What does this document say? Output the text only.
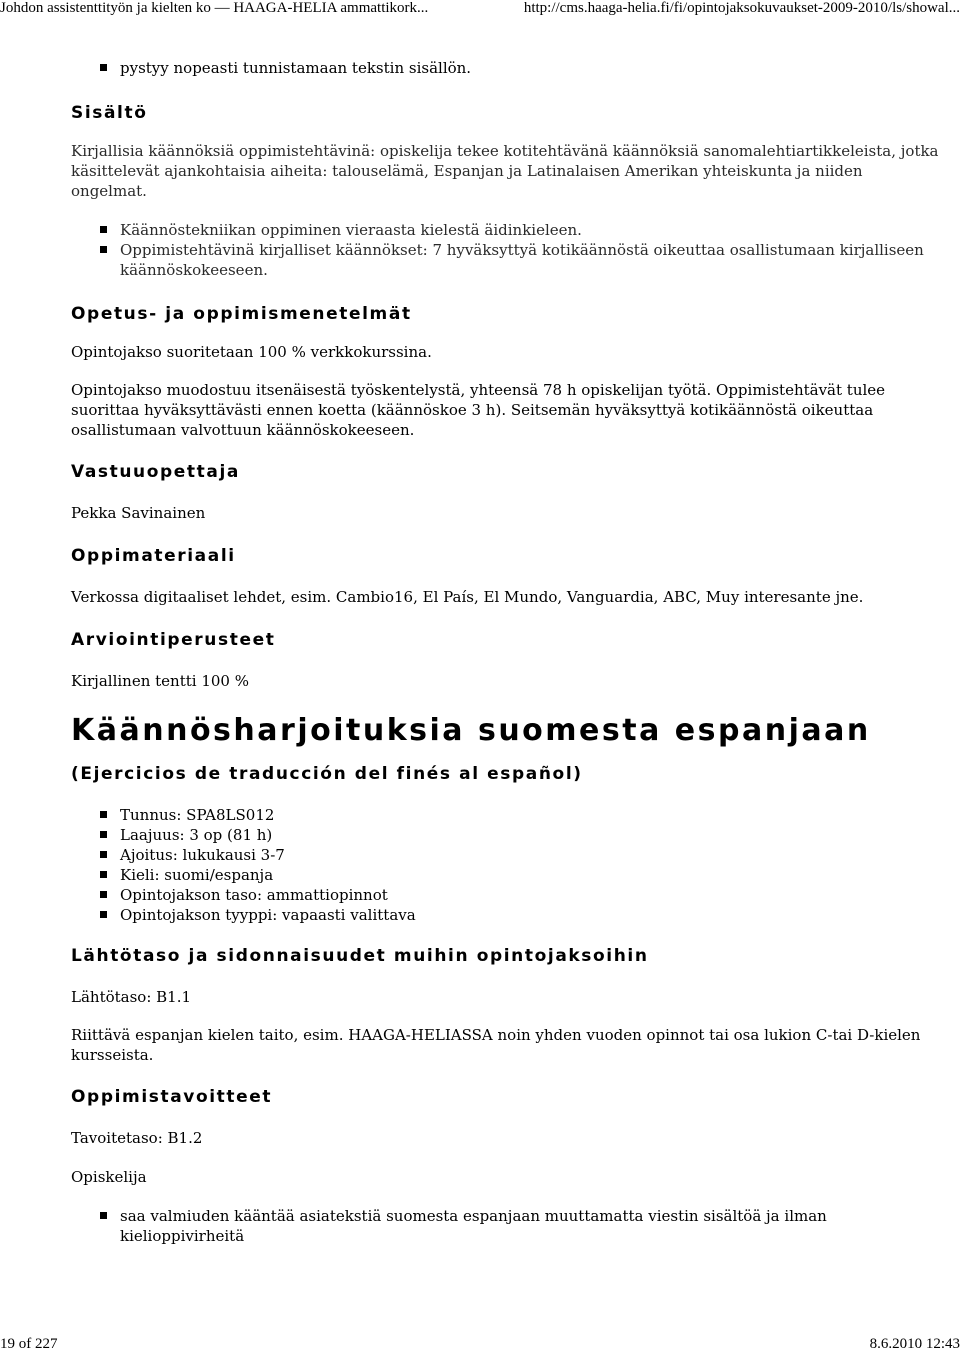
Johdon assistenttityön ja kielten ko — HAAGA-HELIA ammattikork...	http://cms.haaga-helia.fi/fi/opintojaksokuvaukset-2009-2010/ls/showal...
pystyy nopeasti tunnistamaan tekstin sisällön.
Sisältö

Kirjallisia käännöksiä oppimistehtävinä: opiskelija tekee kotitehtävänä käännöksiä sanomalehtiartikkeleista, jotka käsittelevät ajankohtaisia aiheita: talouselämä, Espanjan ja Latinalaisen Amerikan yhteiskunta ja niiden ongelmat.

Käännöstekniikan oppiminen vieraasta kielestä äidinkieleen.
Oppimistehtävinä kirjalliset käännökset: 7 hyväksyttyä kotikäännöstä oikeuttaa osallistumaan kirjalliseen käännöskokeeseen.
Opetus- ja oppimismenetelmät

Opintojakso suoritetaan 100 % verkkokurssina.

Opintojakso muodostuu itsenäisestä työskentelystä, yhteensä 78 h opiskelijan työtä. Oppimistehtävät tulee suorittaa hyväksyttävästi ennen koetta (käännöskoe 3 h). Seitsemän hyväksyttyä kotikäännöstä oikeuttaa osallistumaan valvottuun käännöskokeeseen.

Vastuuopettaja

Pekka Savinainen

Oppimateriaali

Verkossa digitaaliset lehdet, esim. Cambio16, El País, El Mundo, Vanguardia, ABC, Muy interesante jne.

Arviointiperusteet

Kirjallinen tentti 100 %

Käännösharjoituksia suomesta espanjaan
(Ejercicios de traducción del finés al español)
Tunnus: SPA8LS012
Laajuus: 3 op (81 h)
Ajoitus: lukukausi 3-7
Kieli: suomi/espanja
Opintojakson taso: ammattiopinnot
Opintojakson tyyppi: vapaasti valittava
Lähtötaso ja sidonnaisuudet muihin opintojaksoihin

Lähtötaso: B1.1

Riittävä espanjan kielen taito, esim. HAAGA-HELIASSA noin yhden vuoden opinnot tai osa lukion C-tai D-kielen kursseista.

Oppimistavoitteet

Tavoitetaso: B1.2

Opiskelija

saa valmiuden kääntää asiatekstiä suomesta espanjaan muuttamatta viestin sisältöä ja ilman kielioppivirheitä
19 of 227	8.6.2010 12:43
